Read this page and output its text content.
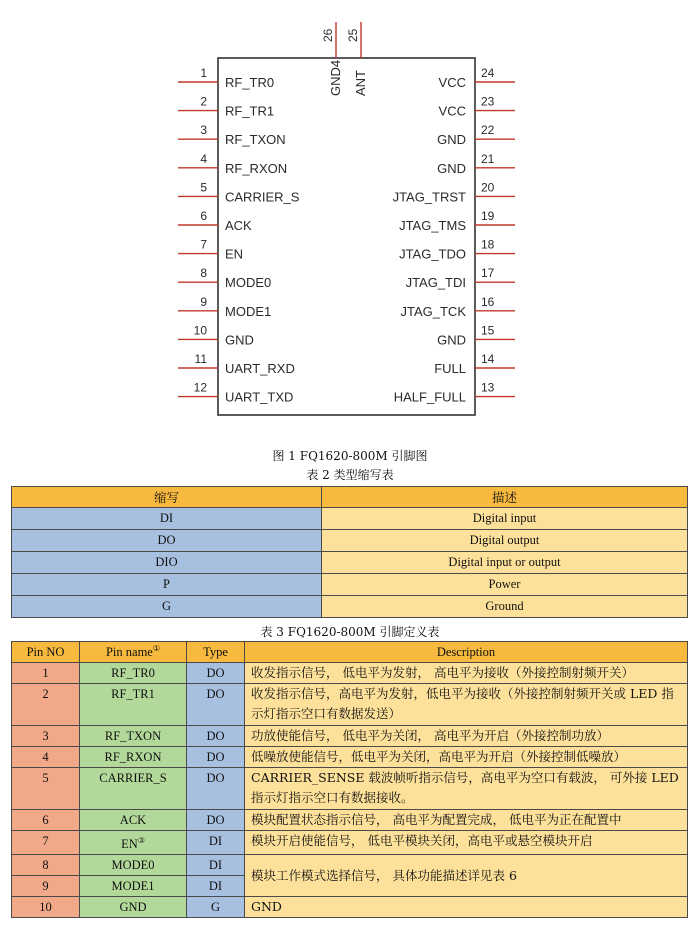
1
RF_TR0
2
RF_TR1
3
RF_TXON
4
RF_RXON
5
CARRIER_S
6
ACK
7
EN
8
MODE0
9
MODE1
10
GND
11
UART_RXD
12
UART_TXD
24
VCC
23
VCC
22
GND
21
GND
20
JTAG_TRST
19
JTAG_TMS
18
JTAG_TDO
17
JTAG_TDI
16
JTAG_TCK
15
GND
14
FULL
13
HALF_FULL
26
GND4
25
ANT
图 1 FQ1620-800M 引脚图
表 2 类型缩写表
缩写	描述
DI	Digital input
DO	Digital output
DIO	Digital input or output
P	Power
G	Ground
表 3 FQ1620-800M 引脚定义表
Pin NO	Pin name①	Type	Description
1	RF_TR0	DO	收发指示信号， 低电平为发射， 高电平为接收（外接控制射频开关）
2	RF_TR1	DO	收发指示信号，高电平为发射，低电平为接收（外接控制射频开关或 LED 指示灯指示空口有数据发送）
3	RF_TXON	DO	功放使能信号， 低电平为关闭， 高电平为开启（外接控制功放）
4	RF_RXON	DO	低噪放使能信号，低电平为关闭，高电平为开启（外接控制低噪放）
5	CARRIER_S	DO	CARRIER_SENSE 载波帧听指示信号，高电平为空口有载波， 可外接 LED 指示灯指示空口有数据接收。
6	ACK	DO	模块配置状态指示信号， 高电平为配置完成， 低电平为正在配置中
7	EN③	DI	模块开启使能信号， 低电平模块关闭，高电平或悬空模块开启
8	MODE0	DI	模块工作模式选择信号， 具体功能描述详见表 6
9	MODE1	DI	
10	GND	G	GND
